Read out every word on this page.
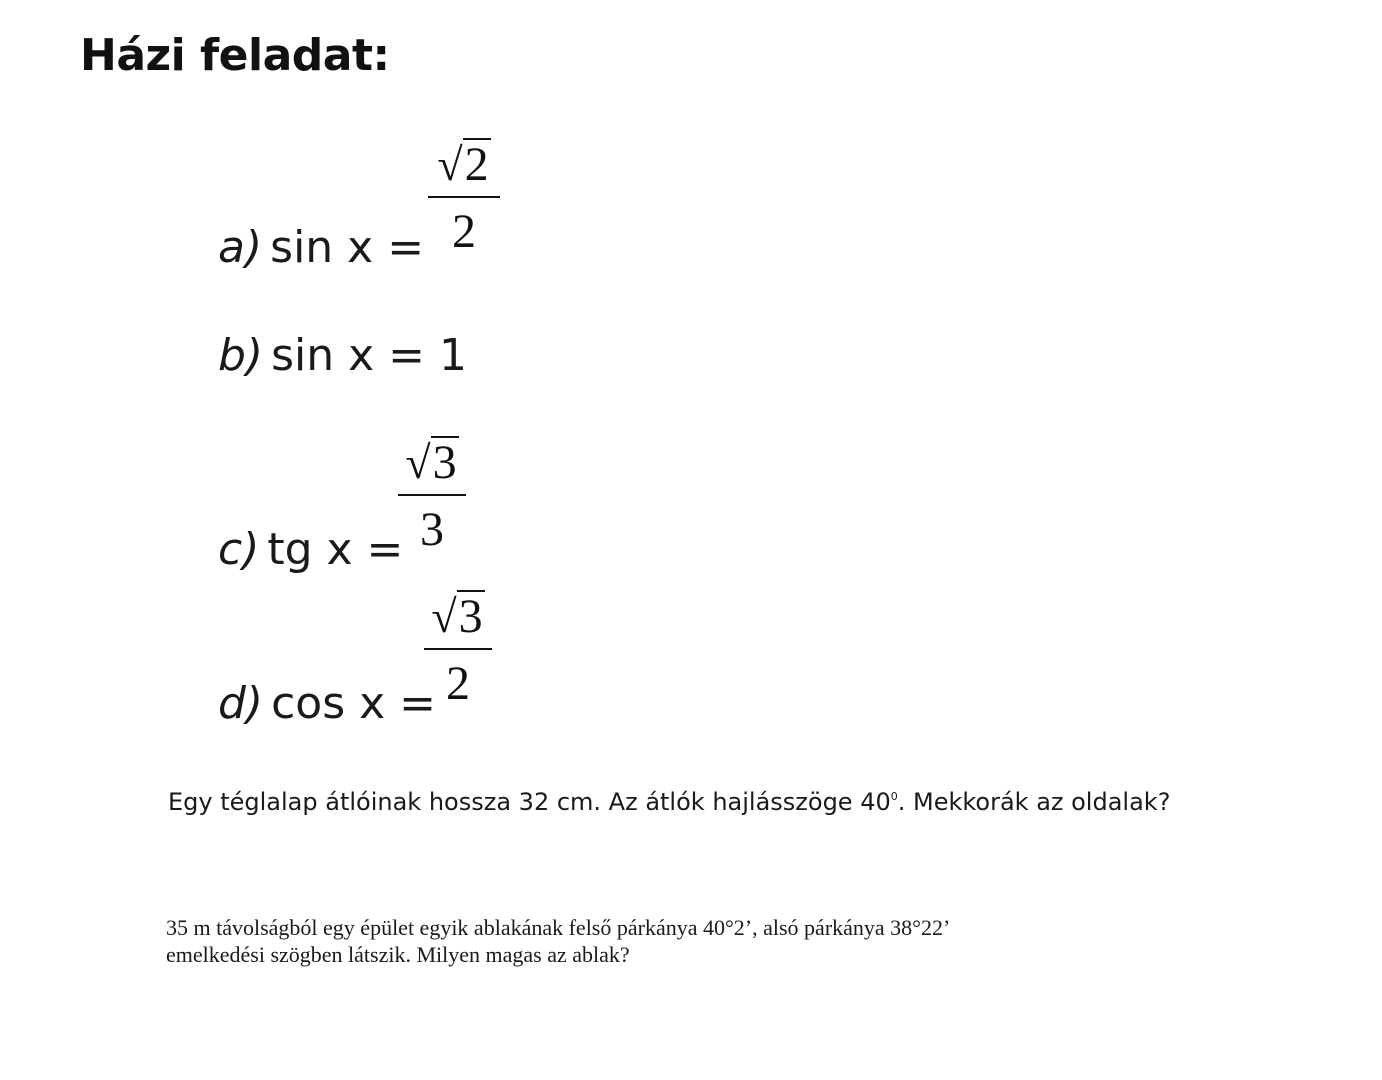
Házi feladat:
a) sin x =
√2
2
b) sin x = 1
c) tg x =
√3
3
d) cos x =
√3
2
Egy téglalap átlóinak hossza 32 cm. Az átlók hajlásszöge $40^0$. Mekkorák az oldalak?
35 m távolságból egy épület egyik ablakának felső párkánya 40°2’, alsó párkánya 38°22’
emelkedési szögben látszik. Milyen magas az ablak?
